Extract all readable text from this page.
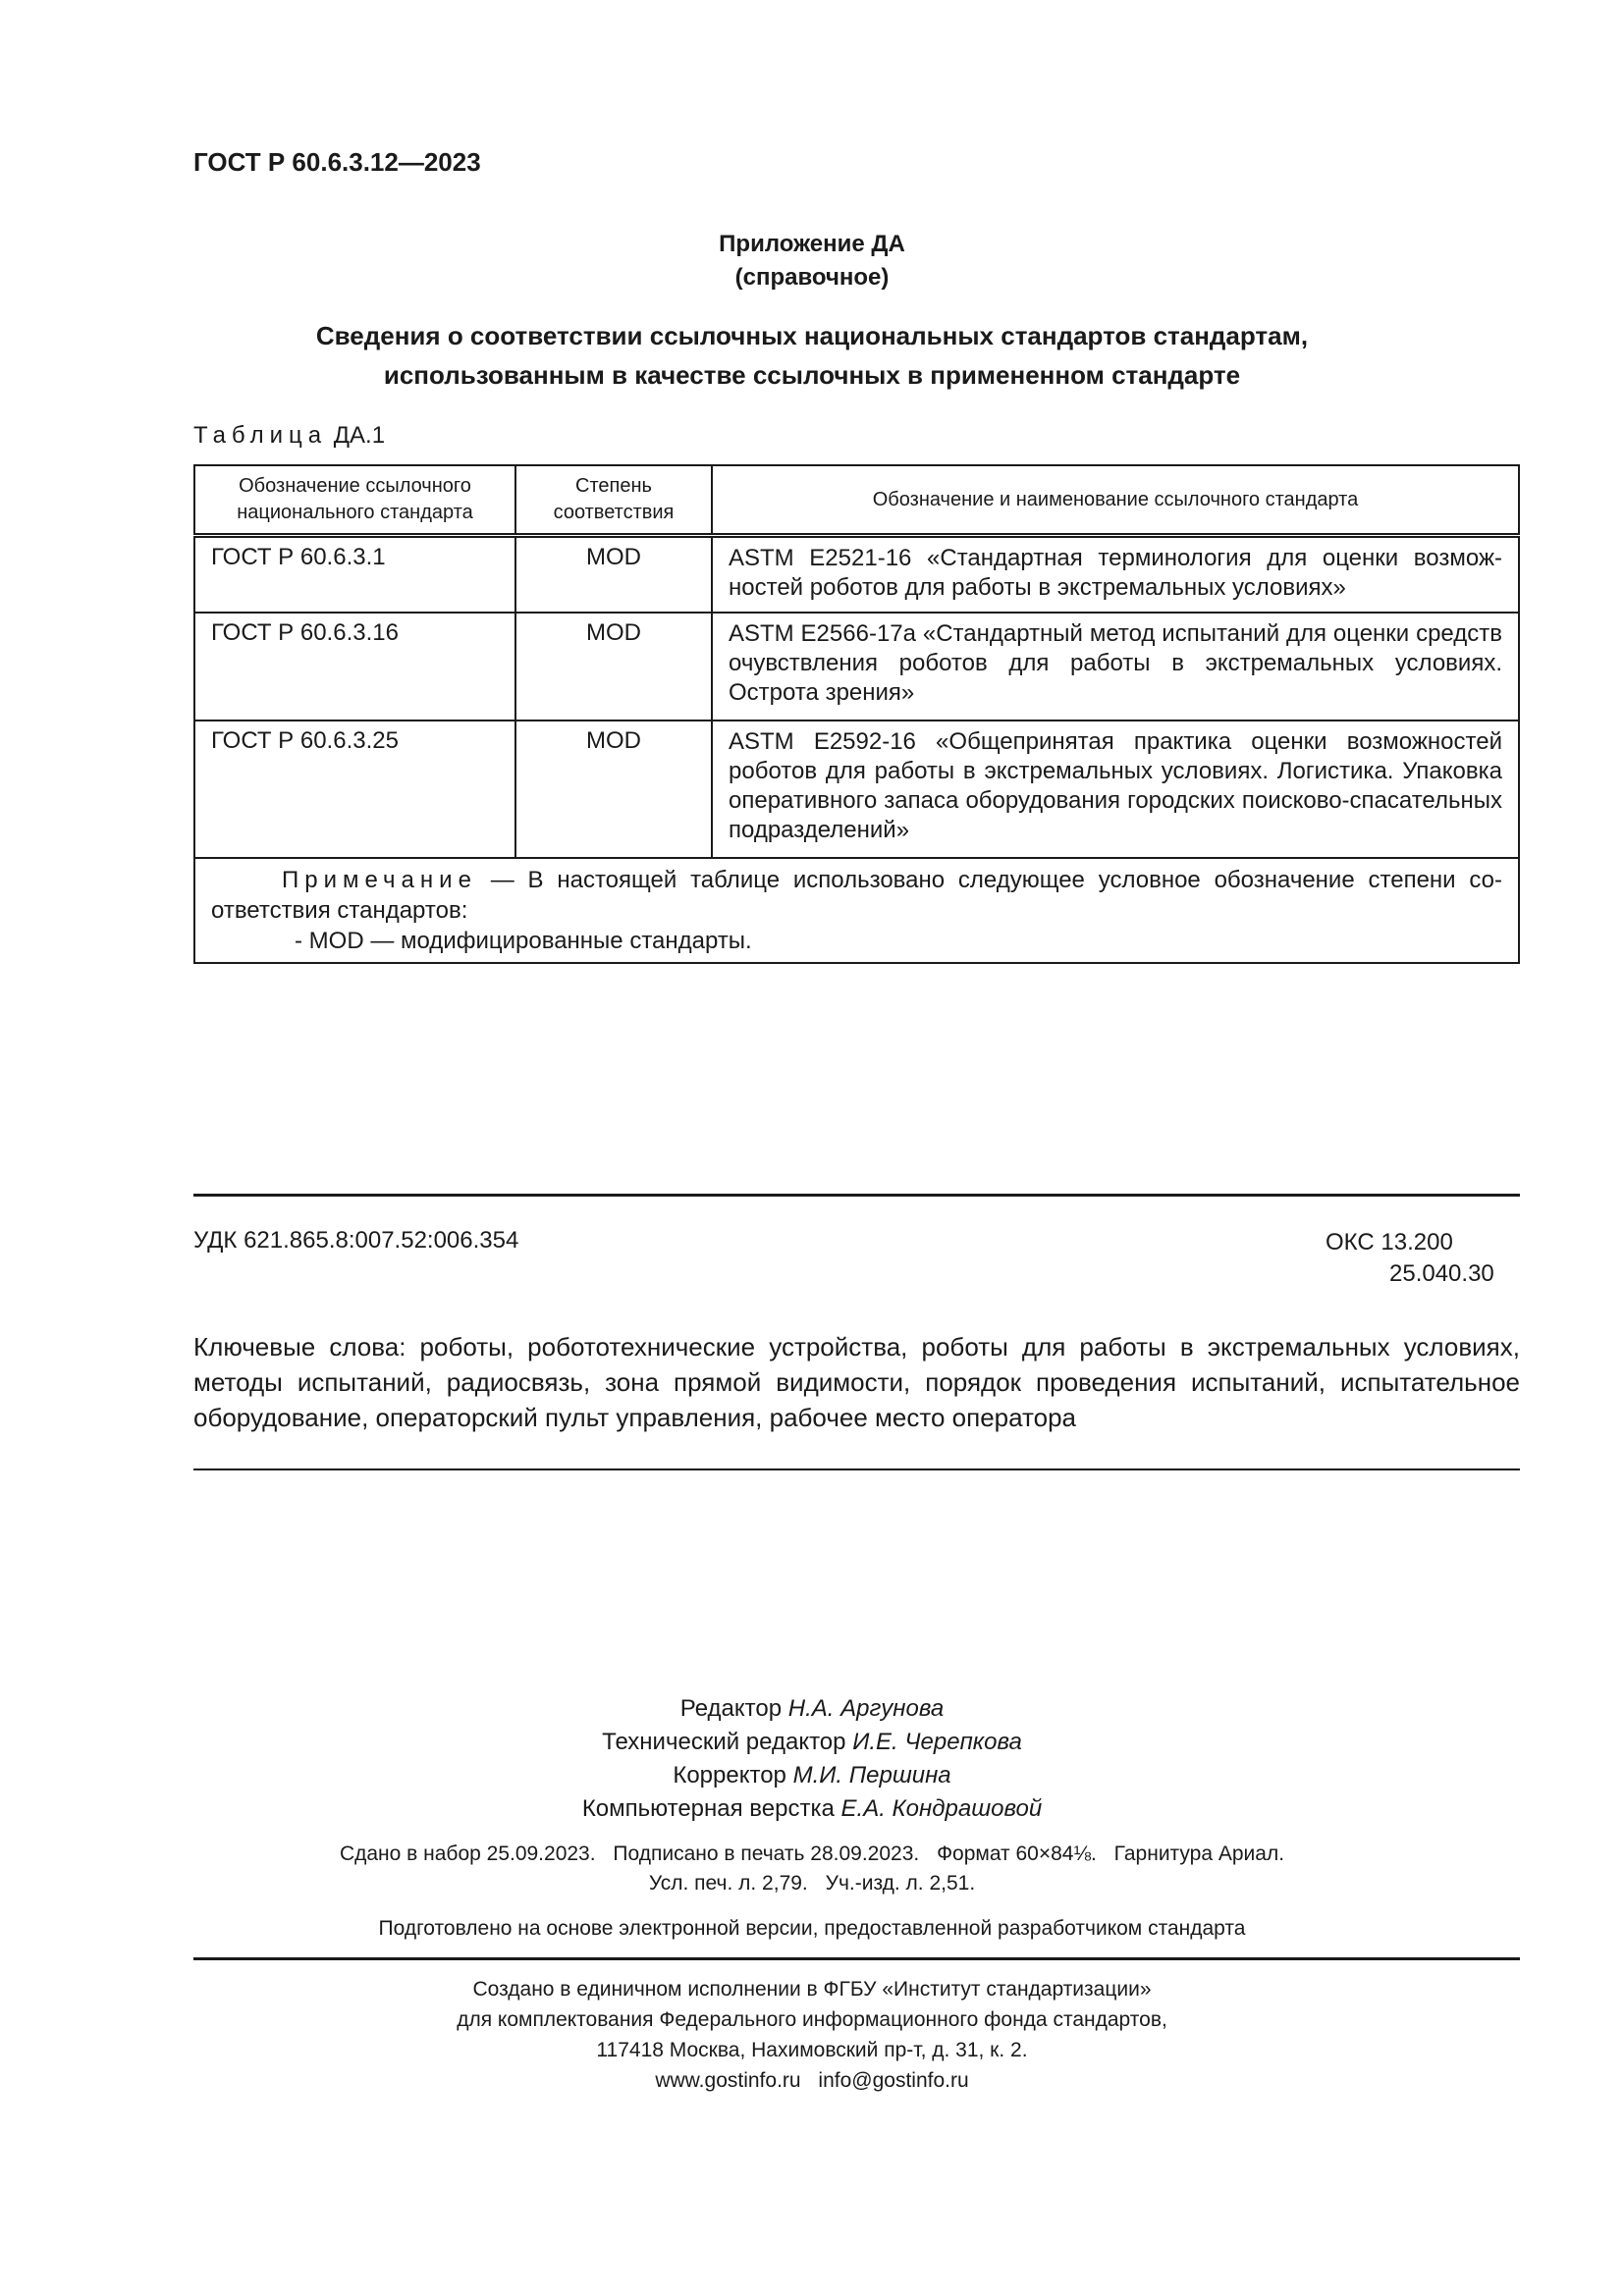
ГОСТ Р 60.6.3.12—2023
Приложение ДА
(справочное)
Сведения о соответствии ссылочных национальных стандартов стандартам,
использованным в качестве ссылочных в примененном стандарте
Таблица ДА.1
Обозначение ссылочного национального стандарта	Степень соответствия	Обозначение и наименование ссылочного стандарта
ГОСТ Р 60.6.3.1	MOD	ASTM E2521-16 «Стандартная терминология для оценки возможностей роботов для работы в экстремальных условиях»
ГОСТ Р 60.6.3.16	MOD	ASTM E2566-17a «Стандартный метод испытаний для оценки средств очувствления роботов для работы в экстремальных условиях. Острота зрения»
ГОСТ Р 60.6.3.25	MOD	ASTM E2592-16 «Общепринятая практика оценки возможностей роботов для работы в экстремальных условиях. Логистика. Упаковка оперативного запаса оборудования городских поисково-спасательных подразделений»
Примечание — В настоящей таблице использовано следующее условное обозначение степени соответствия стандартов:
- MOD — модифицированные стандарты.		
УДК 621.865.8:007.52:006.354	ОКС 13.200
25.040.30
Ключевые слова: роботы, робототехнические устройства, роботы для работы в экстремальных условиях, методы испытаний, радиосвязь, зона прямой видимости, порядок проведения испытаний, испытательное оборудование, операторский пульт управления, рабочее место оператора
Редактор Н.А. Аргунова
Технический редактор И.Е. Черепкова
Корректор М.И. Першина
Компьютерная верстка Е.А. Кондрашовой
Сдано в набор 25.09.2023. Подписано в печать 28.09.2023. Формат 60×84⅛. Гарнитура Ариал.
Усл. печ. л. 2,79. Уч.-изд. л. 2,51.
Подготовлено на основе электронной версии, предоставленной разработчиком стандарта
Создано в единичном исполнении в ФГБУ «Институт стандартизации»
для комплектования Федерального информационного фонда стандартов,
117418 Москва, Нахимовский пр-т, д. 31, к. 2.
www.gostinfo.ru info@gostinfo.ru
